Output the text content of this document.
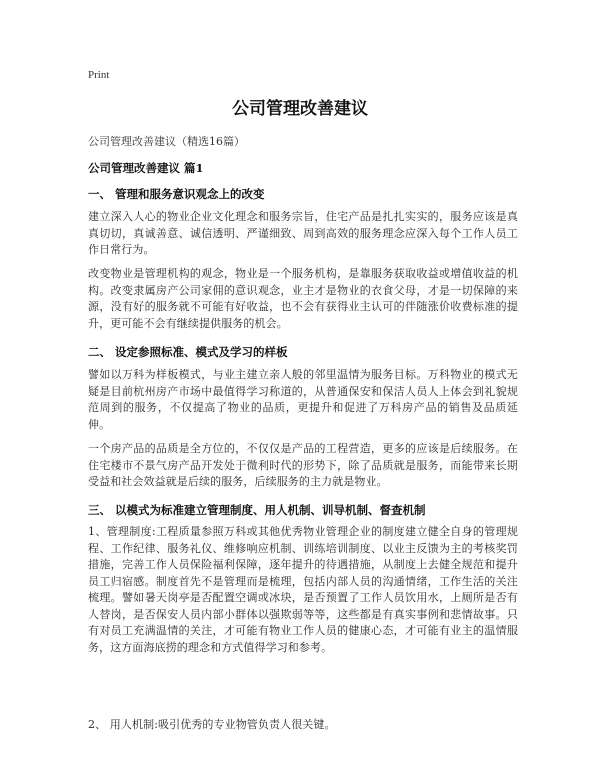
Print
公司管理改善建议
公司管理改善建议（精选16篇）
公司管理改善建议 篇1
一、 管理和服务意识观念上的改变

建立深入人心的物业企业文化理念和服务宗旨，住宅产品是扎扎实实的，服务应该是真真切切，真诚善意、诚信透明、严谨细致、周到高效的服务理念应深入每个工作人员工作日常行为。

改变物业是管理机构的观念，物业是一个服务机构，是靠服务获取收益或增值收益的机构。改变隶属房产公司家佣的意识观念，业主才是物业的衣食父母，才是一切保障的来源，没有好的服务就不可能有好收益，也不会有获得业主认可的伴随涨价收费标准的提升，更可能不会有继续提供服务的机会。

二、 设定参照标准、模式及学习的样板

譬如以万科为样板模式，与业主建立亲人般的邻里温情为服务目标。万科物业的模式无疑是目前杭州房产市场中最值得学习称道的，从普通保安和保洁人员人上体会到礼貌规范周到的服务，不仅提高了物业的品质，更提升和促进了万科房产品的销售及品质延伸。

一个房产品的品质是全方位的，不仅仅是产品的工程营造，更多的应该是后续服务。在住宅楼市不景气房产品开发处于微利时代的形势下，除了品质就是服务，而能带来长期受益和社会效益就是后续的服务，后续服务的主力就是物业。

三、 以模式为标准建立管理制度、用人机制、训导机制、督查机制

1、管理制度:工程质量参照万科或其他优秀物业管理企业的制度建立健全自身的管理规程、工作纪律、服务礼仪、维修响应机制、训练培训制度、以业主反馈为主的考核奖罚措施，完善工作人员保险福利保障，逐年提升的待遇措施，从制度上去健全规范和提升员工归宿感。制度首先不是管理而是梳理，包括内部人员的沟通情绪，工作生活的关注梳理。譬如暑天岗亭是否配置空调或冰块，是否预置了工作人员饮用水，上厕所是否有人替岗，是否保安人员内部小群体以强欺弱等等，这些都是有真实事例和悲情故事。只有对员工充满温情的关注，才可能有物业工作人员的健康心态，才可能有业主的温情服务，这方面海底捞的理念和方式值得学习和参考。

2、 用人机制:吸引优秀的专业物管负责人很关键。
